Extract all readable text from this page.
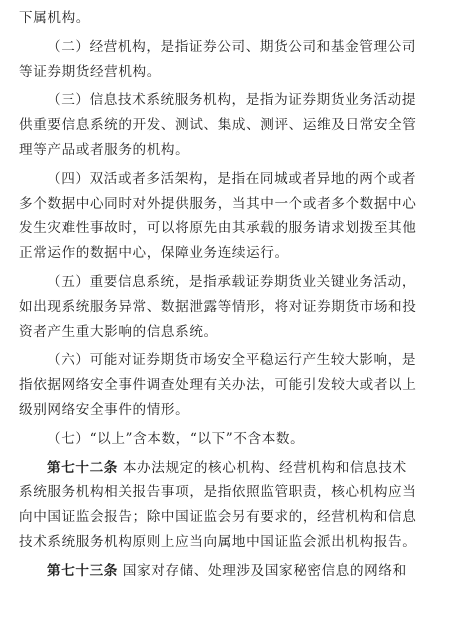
下属机构。

（二）经营机构，是指证券公司、期货公司和基金管理公司
等证券期货经营机构。

（三）信息技术系统服务机构，是指为证券期货业务活动提
供重要信息系统的开发、测试、集成、测评、运维及日常安全管
理等产品或者服务的机构。

（四）双活或者多活架构，是指在同城或者异地的两个或者
多个数据中心同时对外提供服务，当其中一个或者多个数据中心
发生灾难性事故时，可以将原先由其承载的服务请求划拨至其他
正常运作的数据中心，保障业务连续运行。

（五）重要信息系统，是指承载证券期货业关键业务活动，
如出现系统服务异常、数据泄露等情形，将对证券期货市场和投
资者产生重大影响的信息系统。

（六）可能对证券期货市场安全平稳运行产生较大影响，是
指依据网络安全事件调查处理有关办法，可能引发较大或者以上
级别网络安全事件的情形。

（七）“以上”含本数，“以下”不含本数。

第七十二条 本办法规定的核心机构、经营机构和信息技术
系统服务机构相关报告事项，是指依照监管职责，核心机构应当
向中国证监会报告；除中国证监会另有要求的，经营机构和信息
技术系统服务机构原则上应当向属地中国证监会派出机构报告。

第七十三条 国家对存储、处理涉及国家秘密信息的网络和
